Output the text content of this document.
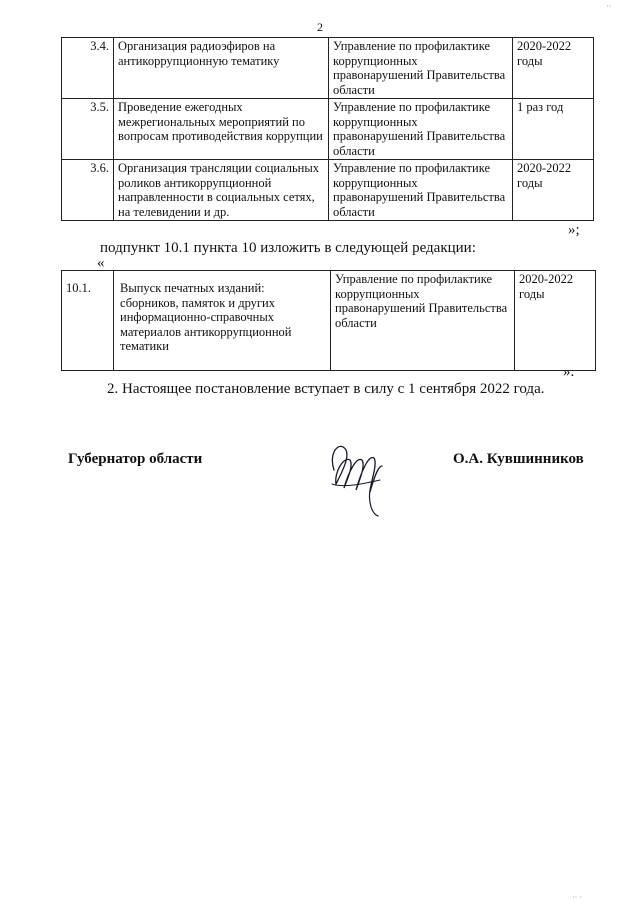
2
3.4.	Организация радиоэфиров на антикоррупционную тематику	Управление по профилактике коррупционных правонарушений Правительства области	2020-2022 годы
3.5.	Проведение ежегодных межрегиональных мероприятий по вопросам противодействия коррупции	Управление по профилактике коррупционных правонарушений Правительства области	1 раз год
3.6.	Организация трансляции социальных роликов антикоррупционной направленности в социальных сетях, на телевидении и др.	Управление по профилактике коррупционных правонарушений Правительства области	2020-2022 годы
»;
подпункт 10.1 пункта 10 изложить в следующей редакции:
«
10.1.	Выпуск печатных изданий: сборников, памяток и других информационно-справочных материалов антикоррупционной тематики	Управление по профилактике коррупционных правонарушений Правительства области	2020-2022 годы
».
2. Настоящее постановление вступает в силу с 1 сентября 2022 года.
Губернатор области	О.А. Кувшинников
··
·· ·
